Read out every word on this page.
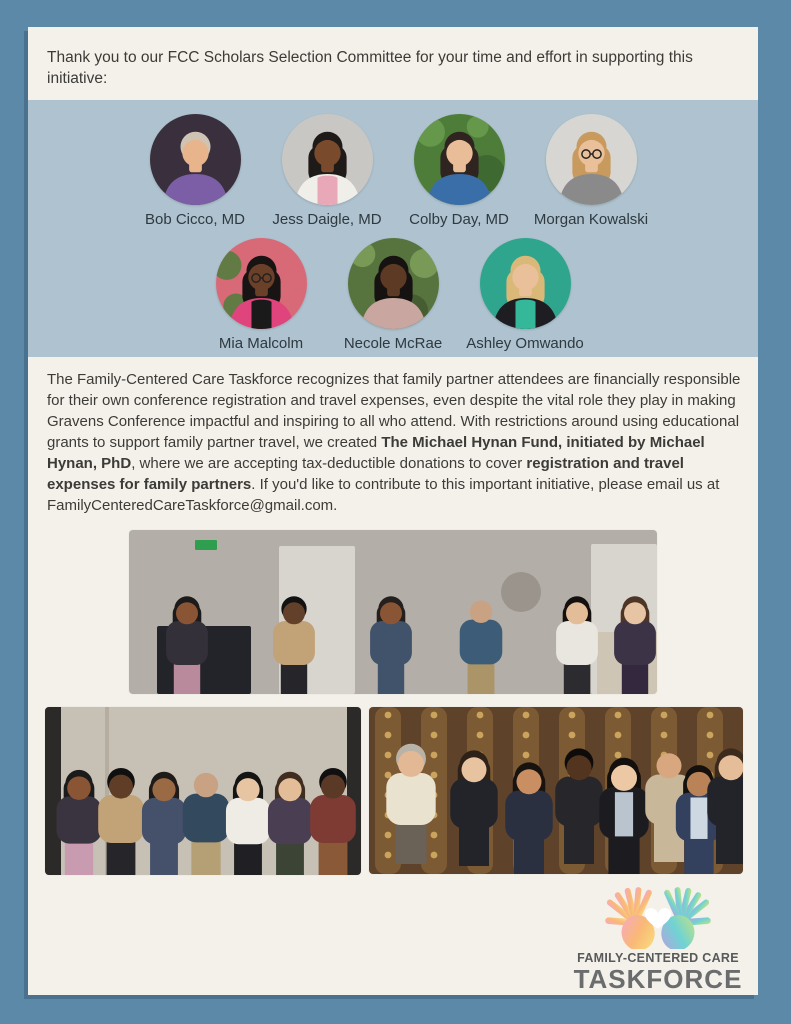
Thank you to our FCC Scholars Selection Committee for your time and effort in supporting this initiative:
Bob Cicco, MD Jess Daigle, MD Colby Day, MD Morgan Kowalski
Mia Malcolm	Necole McRae Ashley Omwando
The Family-Centered Care Taskforce recognizes that family partner attendees are financially responsible for their own conference registration and travel expenses, even despite the vital role they play in making Gravens Conference impactful and inspiring to all who attend. With restrictions around using educational grants to support family partner travel, we created The Michael Hynan Fund, initiated by Michael Hynan, PhD, where we are accepting tax-deductible donations to cover registration and travel expenses for family partners. If you'd like to contribute to this important initiative, please email us at FamilyCenteredCareTaskforce@gmail.com.
FAMILY-CENTERED CARE
TASKFORCE
